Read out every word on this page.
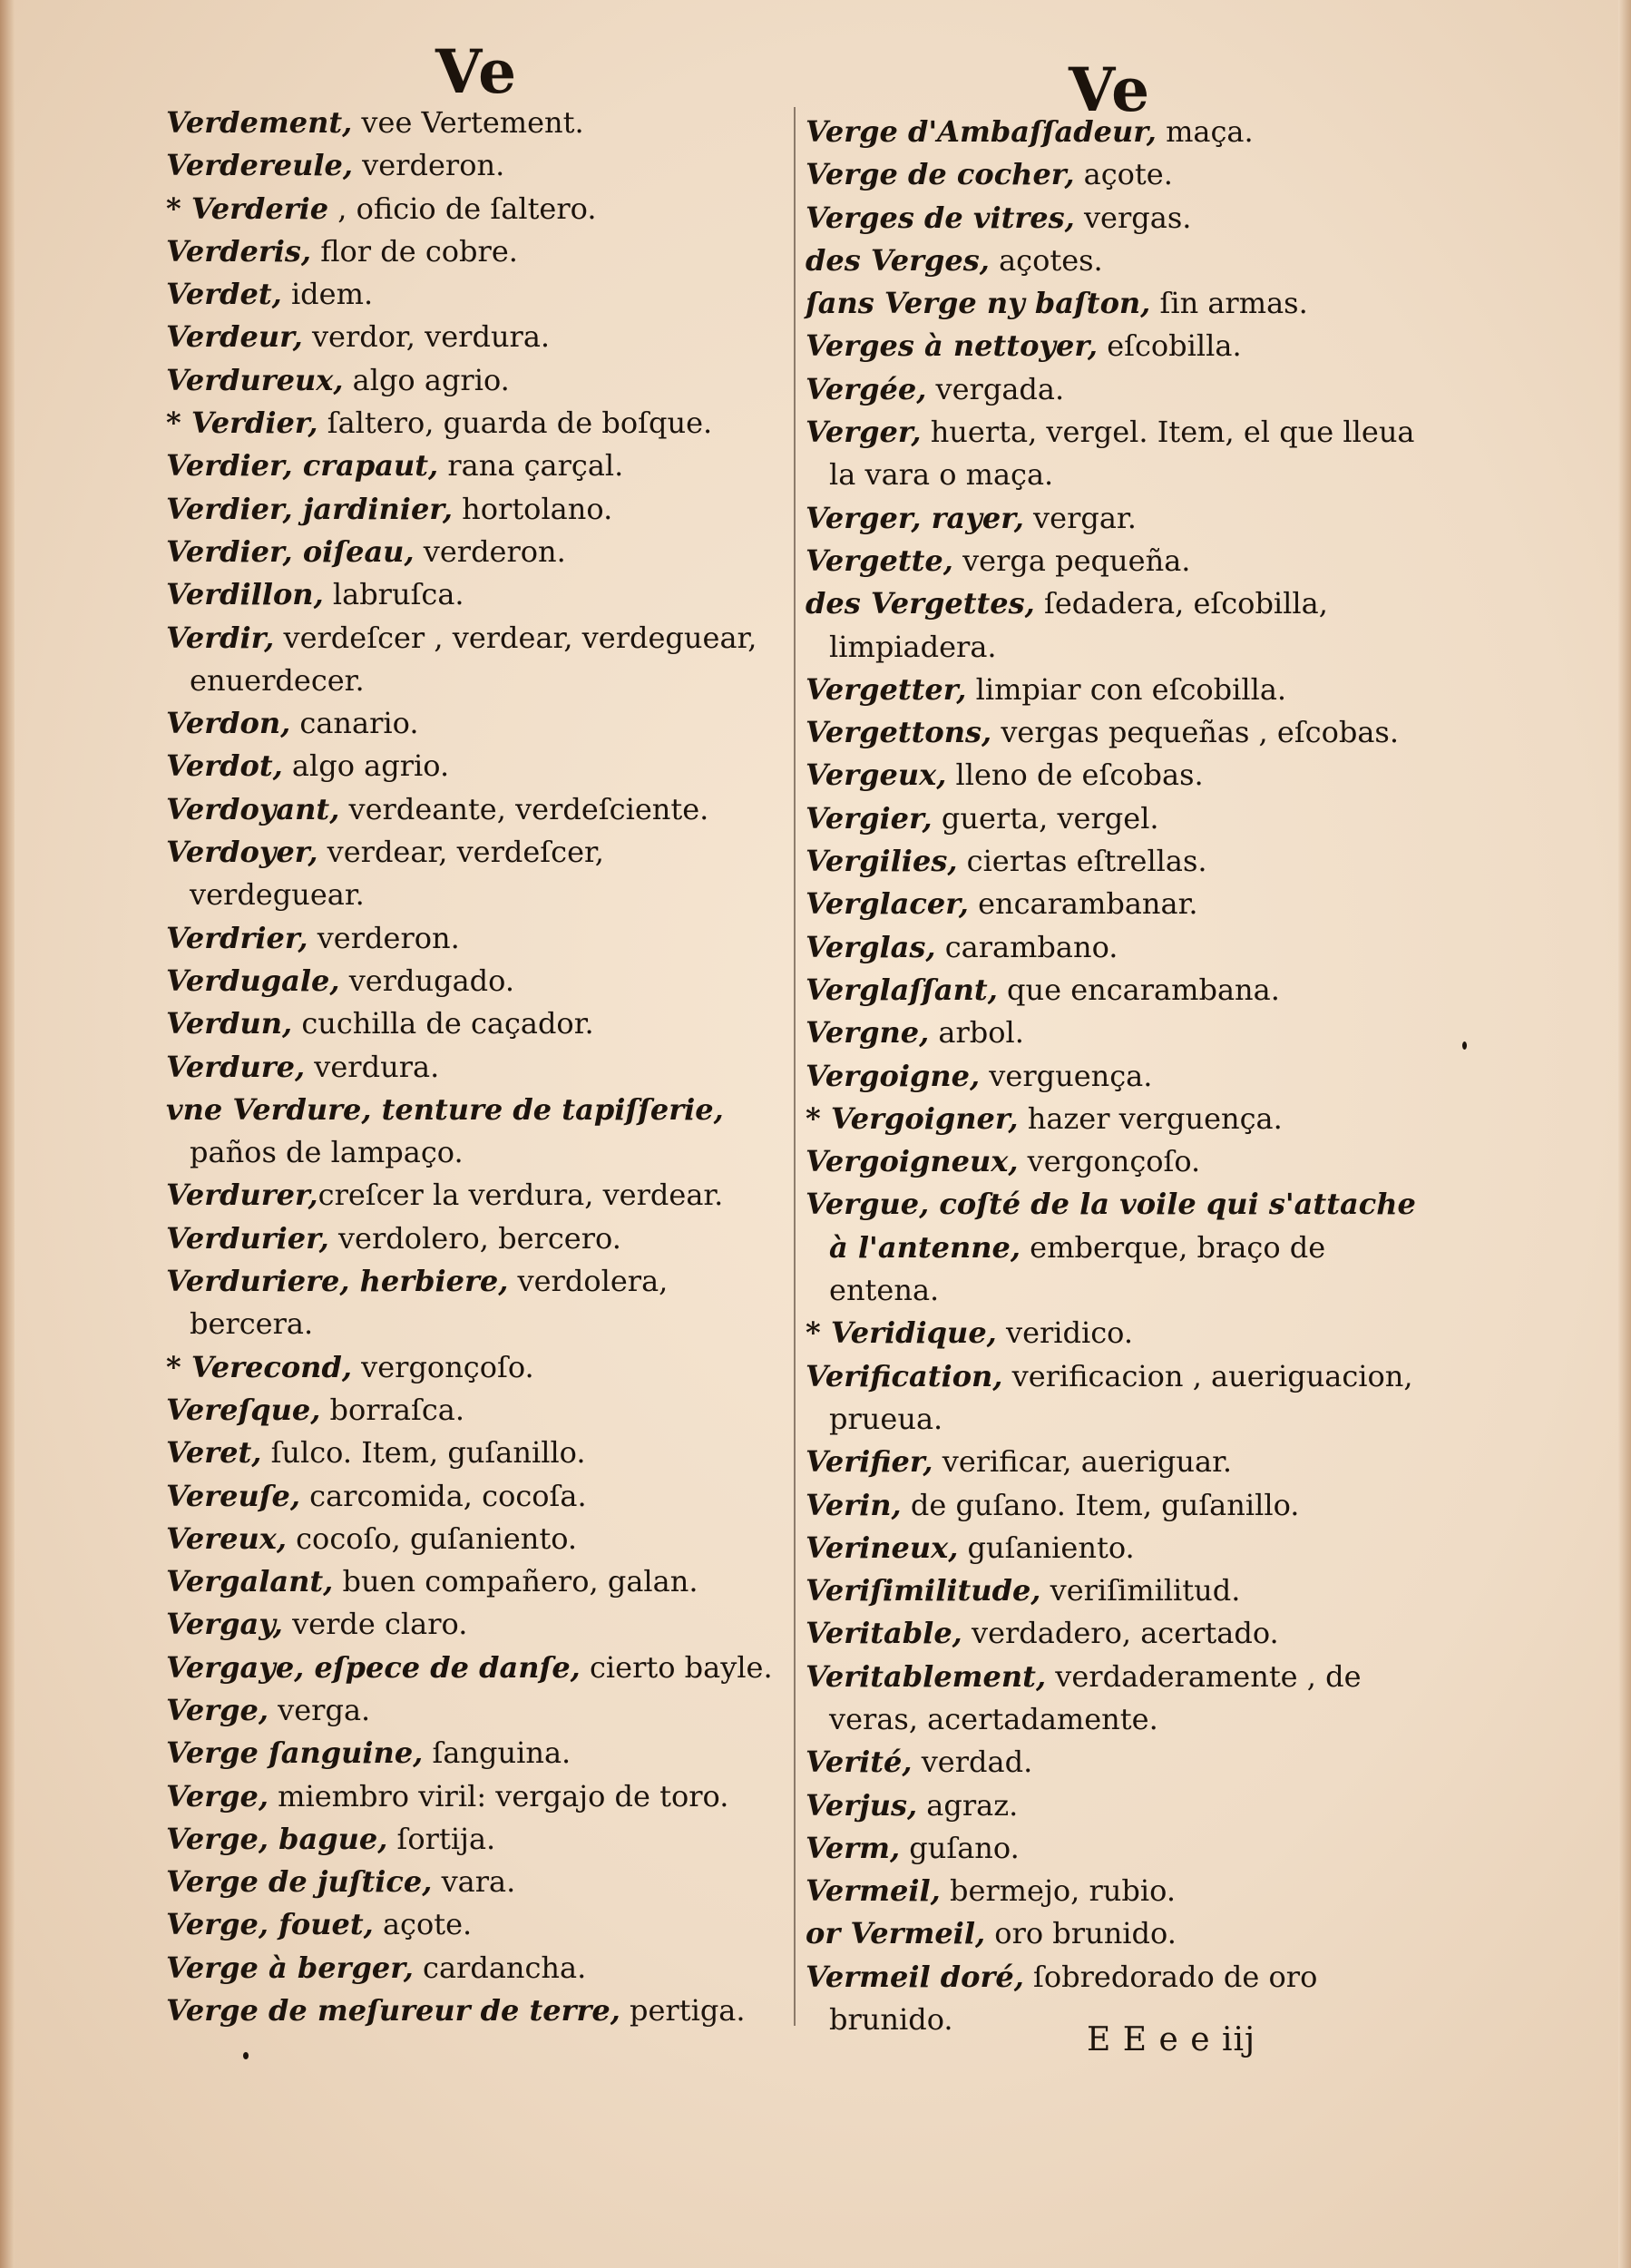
Ve	Ve
Verdement, vee Vertement.
Verdereule, verderon.
* Verderie , oficio de ſaltero.
Verderis, flor de cobre.
Verdet, idem.
Verdeur, verdor, verdura.
Verdureux, algo agrio.
* Verdier, ſaltero, guarda de boſque.
Verdier, crapaut, rana çarçal.
Verdier, jardinier, hortolano.
Verdier, oiſeau, verderon.
Verdillon, labruſca.
Verdir, verdeſcer , verdear, verdeguear, enuerdecer.
Verdon, canario.
Verdot, algo agrio.
Verdoyant, verdeante, verdeſciente.
Verdoyer, verdear, verdeſcer, verdeguear.
Verdrier, verderon.
Verdugale, verdugado.
Verdun, cuchilla de caçador.
Verdure, verdura.
vne Verdure, tenture de tapiſſerie, paños de lampaço.
Verdurer,creſcer la verdura, verdear.
Verdurier, verdolero, bercero.
Verduriere, herbiere, verdolera, bercera.
* Verecond, vergonçoſo.
Vereſque, borraſca.
Veret, ſulco. Item, guſanillo.
Vereuſe, carcomida, cocoſa.
Vereux, cocoſo, guſaniento.
Vergalant, buen compañero, galan.
Vergay, verde claro.
Vergaye, eſpece de danſe, cierto bayle.
Verge, verga.
Verge ſanguine, ſanguina.
Verge, miembro viril: vergajo de toro.
Verge, bague, ſortija.
Verge de juſtice, vara.
Verge, fouet, açote.
Verge à berger, cardancha.
Verge de meſureur de terre, pertiga.
Verge d'Ambaſſadeur, maça.
Verge de cocher, açote.
Verges de vitres, vergas.
des Verges, açotes.
ſans Verge ny baſton, ſin armas.
Verges à nettoyer, eſcobilla.
Vergée, vergada.
Verger, huerta, vergel. Item, el que lleua la vara o maça.
Verger, rayer, vergar.
Vergette, verga pequeña.
des Vergettes, ſedadera, eſcobilla, limpiadera.
Vergetter, limpiar con eſcobilla.
Vergettons, vergas pequeñas , eſcobas.
Vergeux, lleno de eſcobas.
Vergier, guerta, vergel.
Vergilies, ciertas eſtrellas.
Verglacer, encarambanar.
Verglas, carambano.
Verglaſſant, que encarambana.
Vergne, arbol.
Vergoigne, verguença.
* Vergoigner, hazer verguença.
Vergoigneux, vergonçoſo.
Vergue, coſté de la voile qui s'attache à l'antenne, emberque, braço de entena.
* Veridique, veridico.
Verification, verificacion , aueriguacion, prueua.
Verifier, verificar, aueriguar.
Verin, de guſano. Item, guſanillo.
Verineux, guſaniento.
Veriſimilitude, veriſimilitud.
Veritable, verdadero, acertado.
Veritablement, verdaderamente , de veras, acertadamente.
Verité, verdad.
Verjus, agraz.
Verm, guſano.
Vermeil, bermejo, rubio.
or Vermeil, oro brunido.
Vermeil doré, ſobredorado de oro brunido.
E E e e iij
